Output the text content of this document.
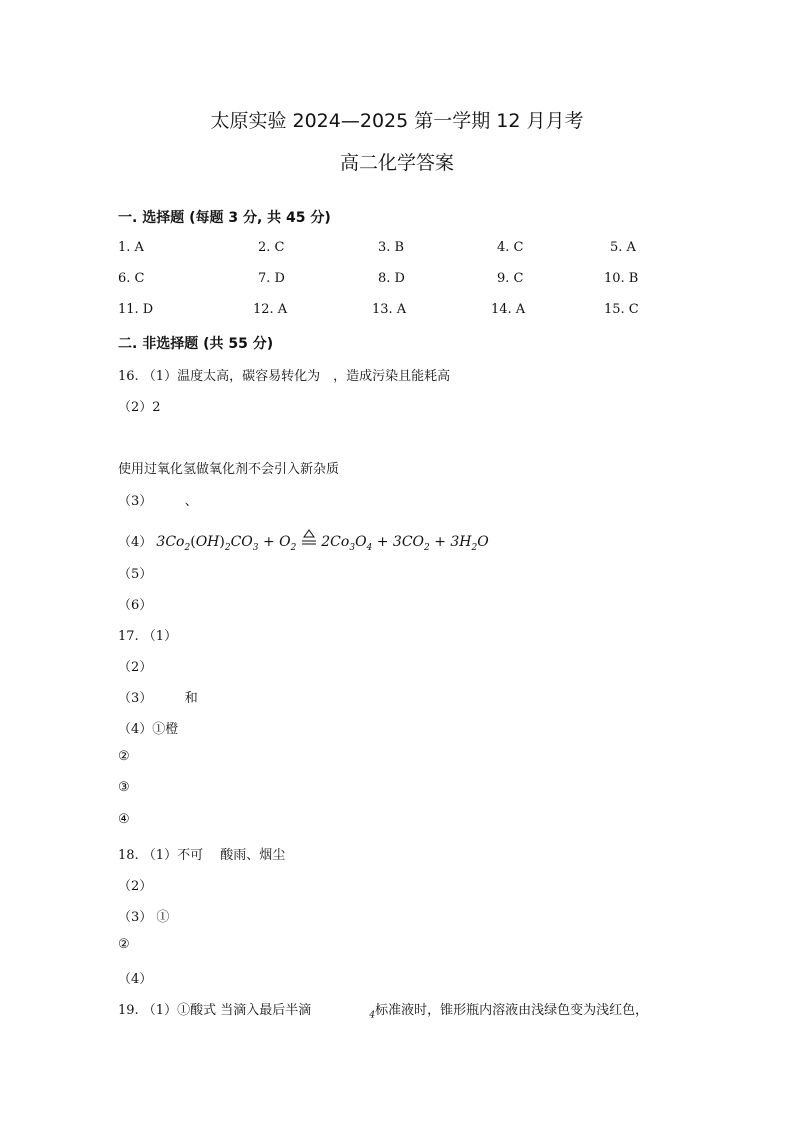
太原实验 2024—2025 第一学期 12 月月考
高二化学答案
一. 选择题 (每题 3 分, 共 45 分)
1. A	2. C	3. B	4. C	5. A
6. C	7. D	8. D	9. C	10. B
11. D	12. A	13. A	14. A	15. C
二. 非选择题 (共 55 分)
16. （1）温度太高，碳容易转化为　，造成污染且能耗高
（2）2
使用过氧化氢做氧化剂不会引入新杂质
（3）　　　、
（4） $3Co_2(OH)_2CO_3 + O_2$  $2Co_3O_4 + 3CO_2 + 3H_2O$
（5）
（6）
17. （1）
（2）
（3）　　　和
（4）①橙
②
③
④
18. （1）不可　 酸雨、烟尘
（2）
（3） ①
②
（4）
19. （1）①酸式 当滴入最后半滴	$_4$标准液时，锥形瓶内溶液由浅绿色变为浅红色，
